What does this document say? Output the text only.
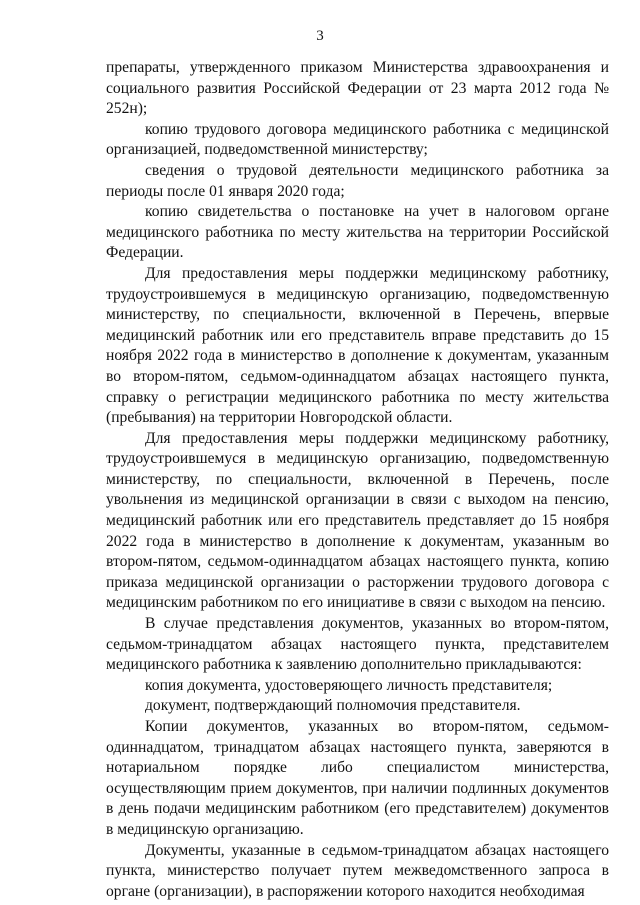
3

препараты, утвержденного приказом Министерства здравоохранения и социального развития Российской Федерации от 23 марта 2012 года № 252н);

копию трудового договора медицинского работника с медицинской организацией, подведомственной министерству;

сведения о трудовой деятельности медицинского работника за периоды после 01 января 2020 года;

копию свидетельства о постановке на учет в налоговом органе медицинского работника по месту жительства на территории Российской Федерации.

Для предоставления меры поддержки медицинскому работнику, трудоустроившемуся в медицинскую организацию, подведомственную министерству, по специальности, включенной в Перечень, впервые медицинский работник или его представитель вправе представить до 15 ноября 2022 года в министерство в дополнение к документам, указанным во втором-пятом, седьмом-одиннадцатом абзацах настоящего пункта, справку о регистрации медицинского работника по месту жительства (пребывания) на территории Новгородской области.

Для предоставления меры поддержки медицинскому работнику, трудоустроившемуся в медицинскую организацию, подведомственную министерству, по специальности, включенной в Перечень, после увольнения из медицинской организации в связи с выходом на пенсию, медицинский работник или его представитель представляет до 15 ноября 2022 года в министерство в дополнение к документам, указанным во втором-пятом, седьмом-одиннадцатом абзацах настоящего пункта, копию приказа медицинской организации о расторжении трудового договора с медицинским работником по его инициативе в связи с выходом на пенсию.

В случае представления документов, указанных во втором-пятом, седьмом-тринадцатом абзацах настоящего пункта, представителем медицинского работника к заявлению дополнительно прикладываются:

копия документа, удостоверяющего личность представителя;

документ, подтверждающий полномочия представителя.

Копии документов, указанных во втором-пятом, седьмом-одиннадцатом, тринадцатом абзацах настоящего пункта, заверяются в нотариальном порядке либо специалистом министерства, осуществляющим прием документов, при наличии подлинных документов в день подачи медицинским работником (его представителем) документов в медицинскую организацию.

Документы, указанные в седьмом-тринадцатом абзацах настоящего пункта, министерство получает путем межведомственного запроса в органе (организации), в распоряжении которого находится необходимая
